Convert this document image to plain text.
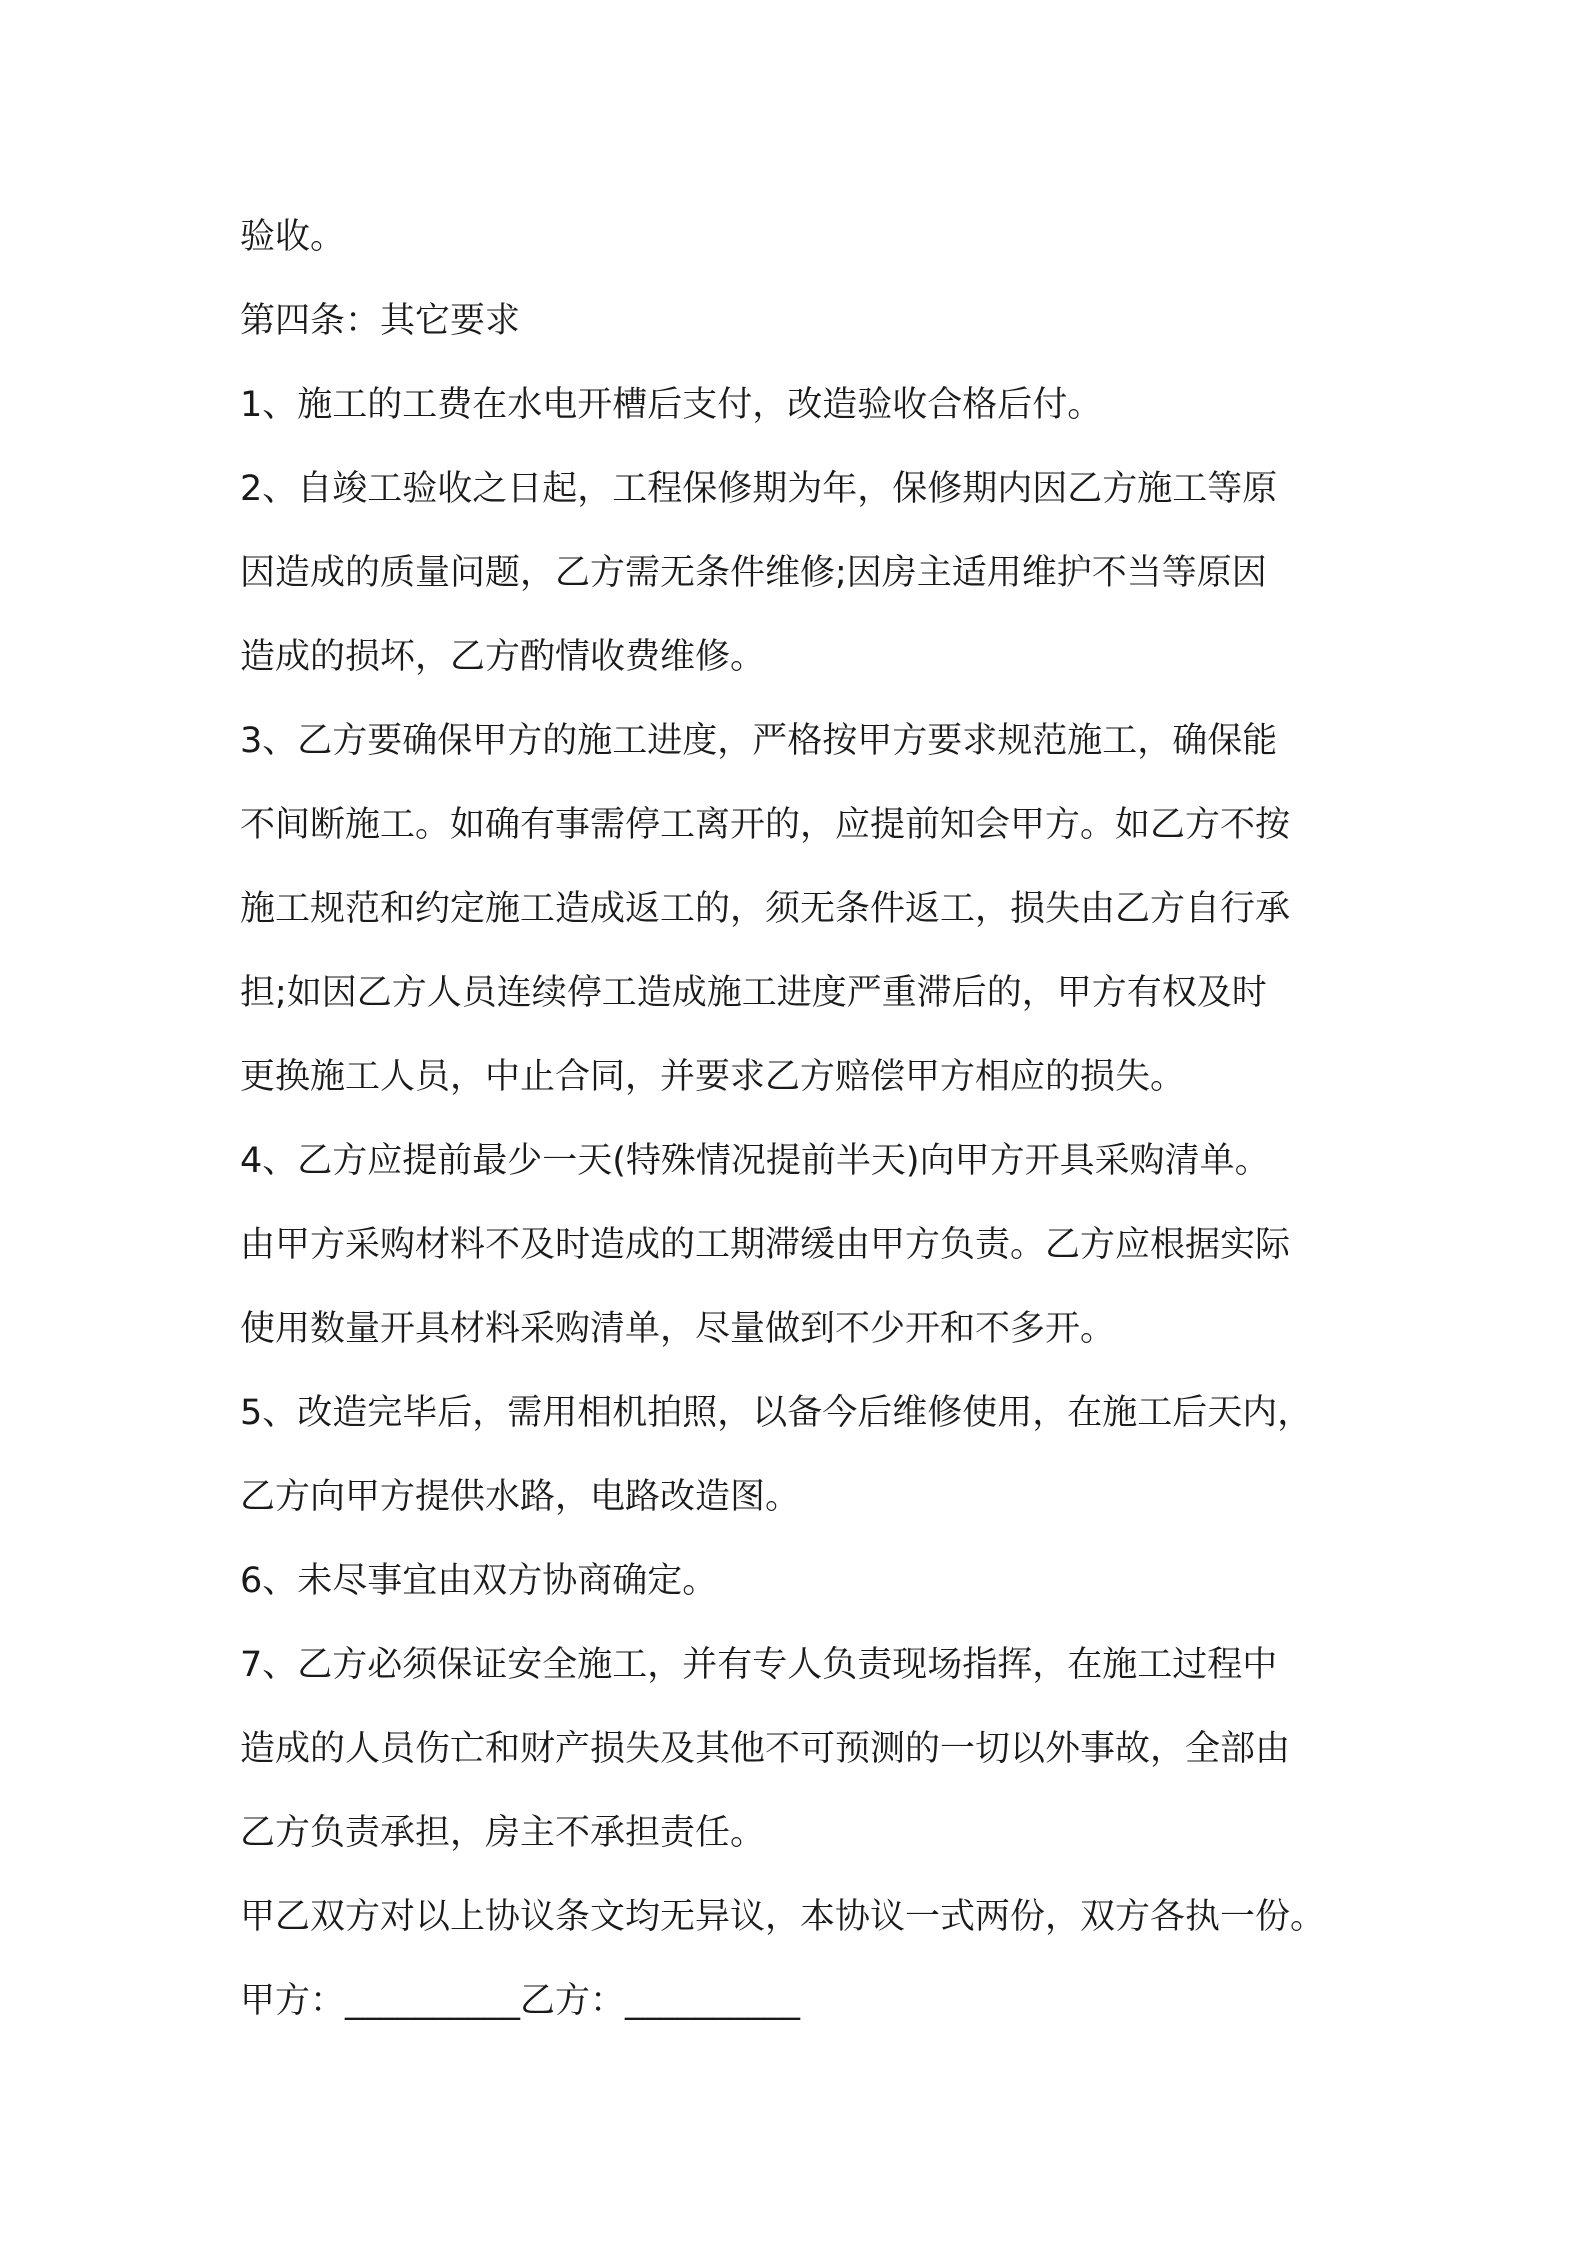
验收。
第四条：其它要求
1、施工的工费在水电开槽后支付，改造验收合格后付。
2、自竣工验收之日起，工程保修期为年，保修期内因乙方施工等原
因造成的质量问题，乙方需无条件维修;因房主适用维护不当等原因
造成的损坏，乙方酌情收费维修。
3、乙方要确保甲方的施工进度，严格按甲方要求规范施工，确保能
不间断施工。如确有事需停工离开的，应提前知会甲方。如乙方不按
施工规范和约定施工造成返工的，须无条件返工，损失由乙方自行承
担;如因乙方人员连续停工造成施工进度严重滞后的，甲方有权及时
更换施工人员，中止合同，并要求乙方赔偿甲方相应的损失。
4、乙方应提前最少一天(特殊情况提前半天)向甲方开具采购清单。
由甲方采购材料不及时造成的工期滞缓由甲方负责。乙方应根据实际
使用数量开具材料采购清单，尽量做到不少开和不多开。
5、改造完毕后，需用相机拍照，以备今后维修使用，在施工后天内，
乙方向甲方提供水路，电路改造图。
6、未尽事宜由双方协商确定。
7、乙方必须保证安全施工，并有专人负责现场指挥，在施工过程中
造成的人员伤亡和财产损失及其他不可预测的一切以外事故，全部由
乙方负责承担，房主不承担责任。
甲乙双方对以上协议条文均无异议，本协议一式两份，双方各执一份。
甲方：__________乙方：__________
